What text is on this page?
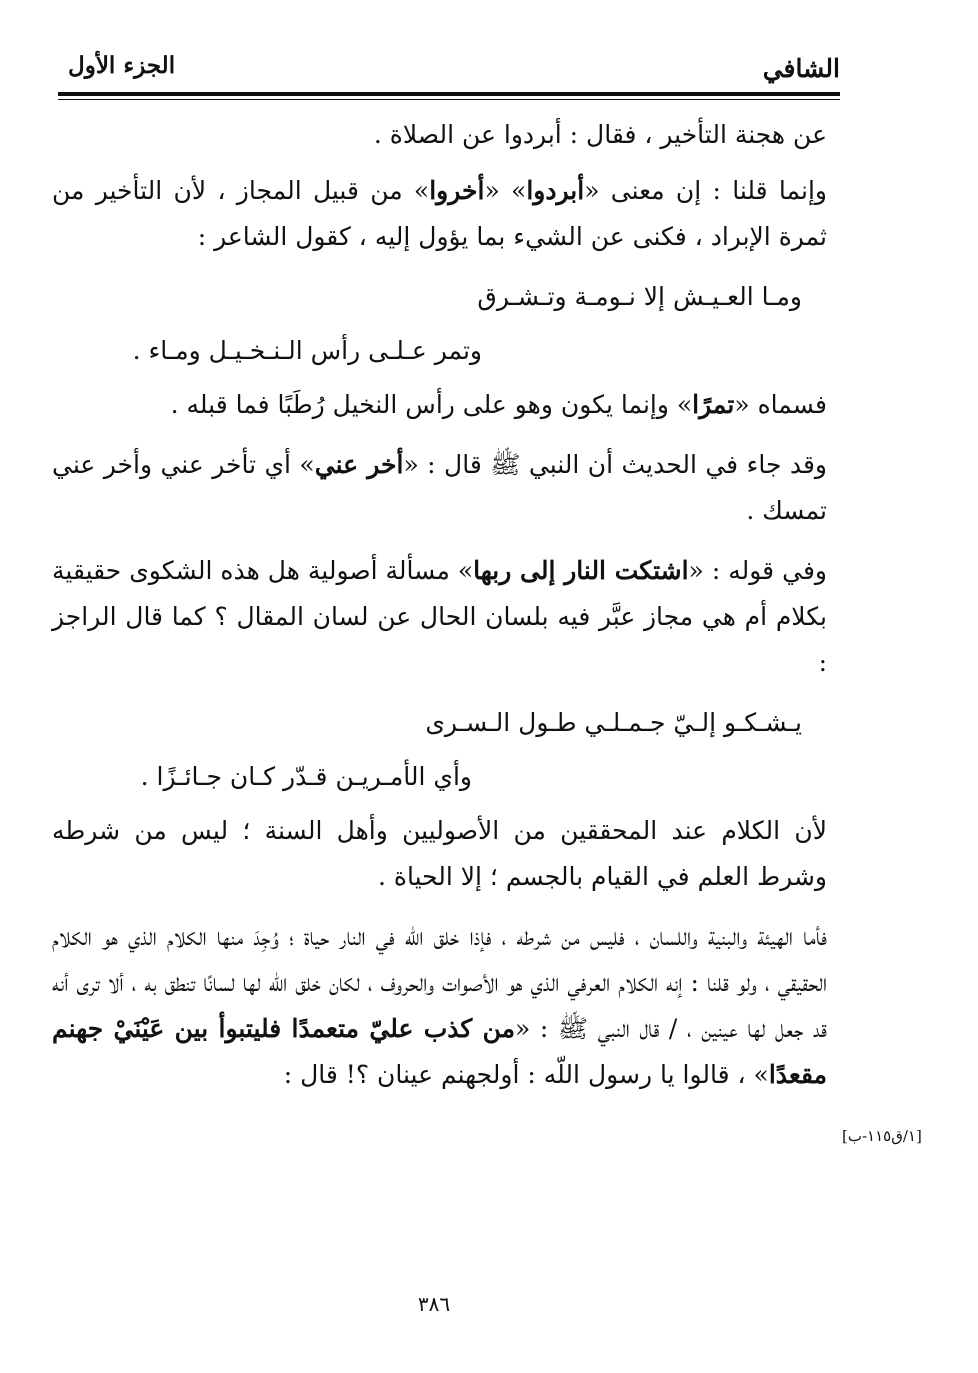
الشافي
الجزء الأول

عن هجنة التأخير ، فقال : أبردوا عن الصلاة .

وإنما قلنا : إن معنى «أبردوا» «أخروا» من قبيل المجاز ، لأن التأخير من ثمرة الإبراد ، فكنى عن الشيء بما يؤول إليه ، كقول الشاعر :

ومـا العـيـش إلا نـومـة وتـشـرق
وتمر عـلـى رأس الـنـخـيـل ومـاء .

فسماه «تمرًا» وإنما يكون وهو على رأس النخيل رُطَبًا فما قبله .

وقد جاء في الحديث أن النبي ﷺ قال : «أخر عني» أي تأخر عني وأخر عني تمسك .

وفي قوله : «اشتكت النار إلى ربها» مسألة أصولية هل هذه الشكوى حقيقية بكلام أم هي مجاز عبَّر فيه بلسان الحال عن لسان المقال ؟ كما قال الراجز :

يـشـكـو إلـيّ جـمـلـي طـول الـسـرى
وأي الأمـريـن قـدّر كـان جـائـزًا .

لأن الكلام عند المحققين من الأصوليين وأهل السنة ؛ ليس من شرطه وشرط العلم في القيام بالجسم ؛ إلا الحياة .

فأما الهيئة والبنية واللسان ، فليس من شرطه ، فإذا خلق اللّه في النار حياة ؛ وُجِدَ منها الكلام الذي هو الكلام الحقيقي ، ولو قلنا : إنه الكلام العرفي الذي هو الأصوات والحروف ، لكان خلق اللّه لها لسانًا تنطق به ، ألا ترى أنه قد جعل لها عينين ، / قال النبي ﷺ : «من كذب عليّ متعمدًا فليتبوأ بين عَيْنَيْ جهنم مقعدًا» ، قالوا يا رسول اللّه : أولجهنم عينان ؟! قال :

[١/ق١١٥-ب]
٣٨٦
